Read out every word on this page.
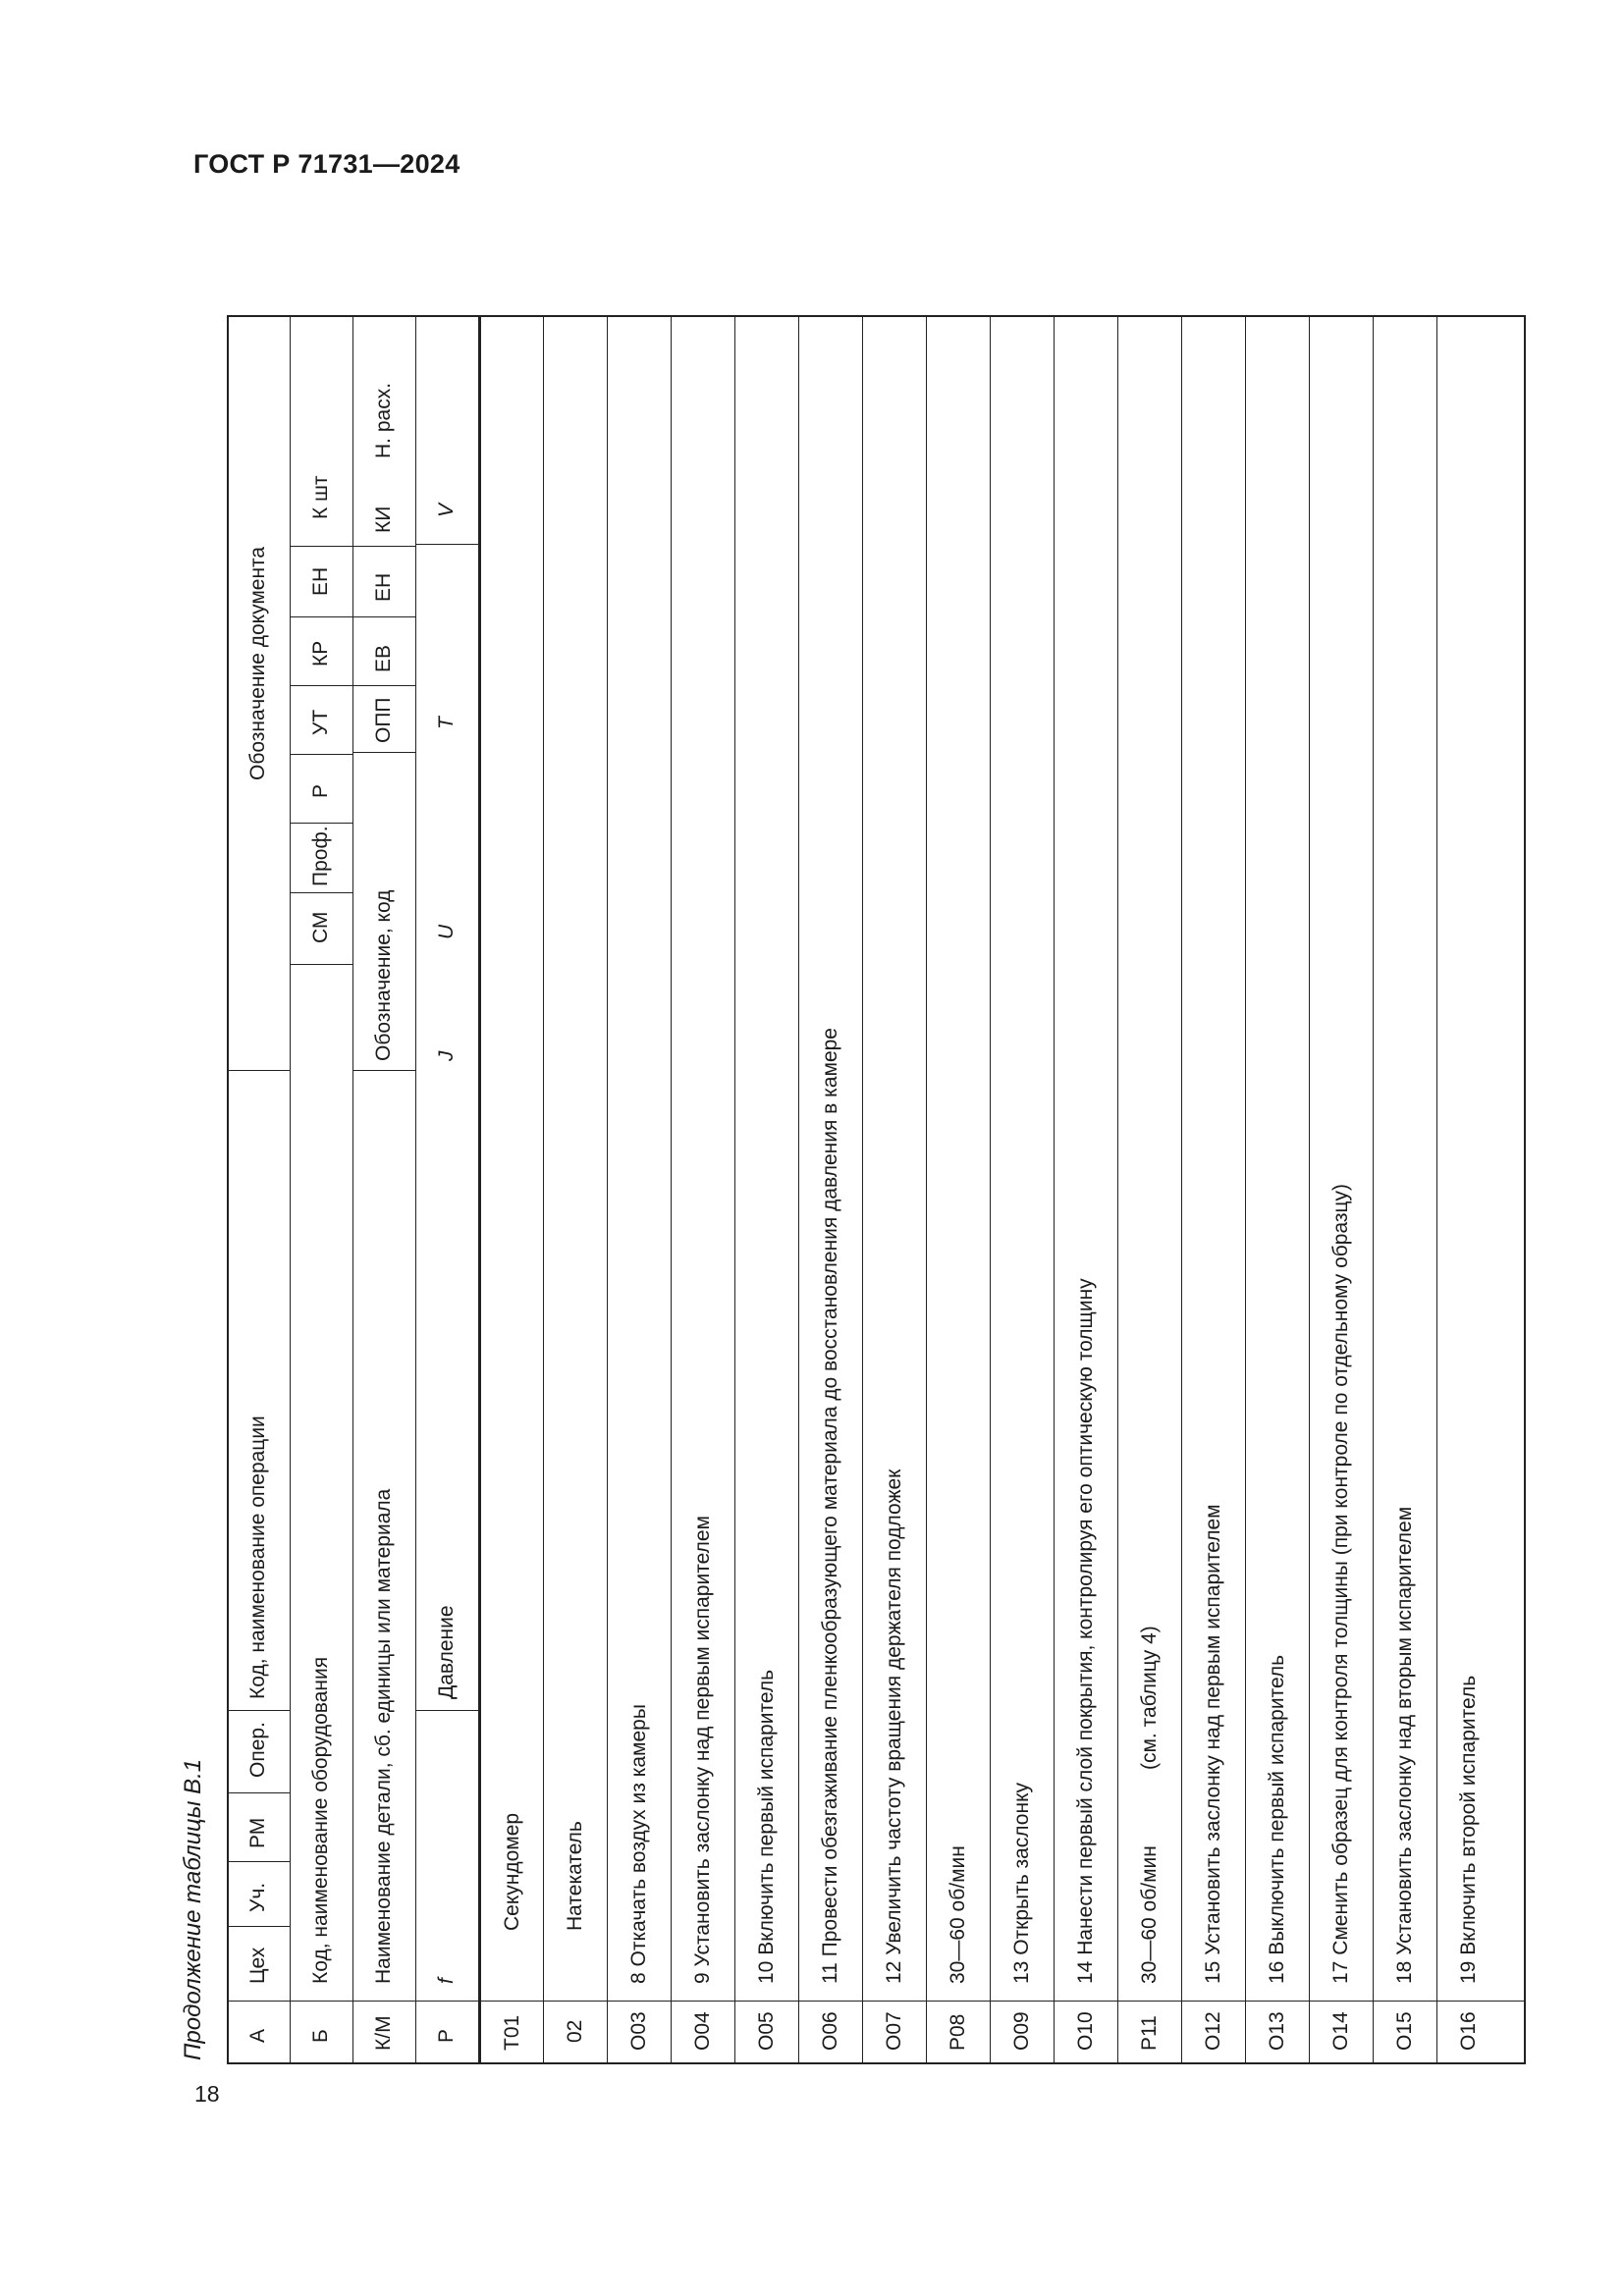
ГОСТ Р 71731—2024
18
Продолжение таблицы В.1 А
Цех
Уч.
РМ
Опер.
Код, наименование операции
Обозначение документа
Б
Код, наименование оборудования
СМ
Проф.
Р
УТ
КР
ЕН
К шт
К/М
Наименование детали, сб. единицы или материала
Обозначение, код
ОПП
ЕВ
ЕН
КИ
Н. расх.
Р
f
Давление
J
U
T
V
Т01
Секундомер
02
Натекатель
О03
8 Откачать воздух из камеры
О04
9 Установить заслонку над первым испарителем
О05
10 Включить первый испаритель
О06
11 Провести обезгаживание пленкообразующего материала до восстановления давления в камере
О07
12 Увеличить частоту вращения держателя подложек
Р08
30—60 об/мин
О09
13 Открыть заслонку
О10
14 Нанести первый слой покрытия, контролируя его оптическую толщину
Р11
30—60 об/мин
(см. таблицу 4)
О12
15 Установить заслонку над первым испарителем
О13
16 Выключить первый испаритель
О14
17 Сменить образец для контроля толщины (при контроле по отдельному образцу)
О15
18 Установить заслонку над вторым испарителем
О16
19 Включить второй испаритель
